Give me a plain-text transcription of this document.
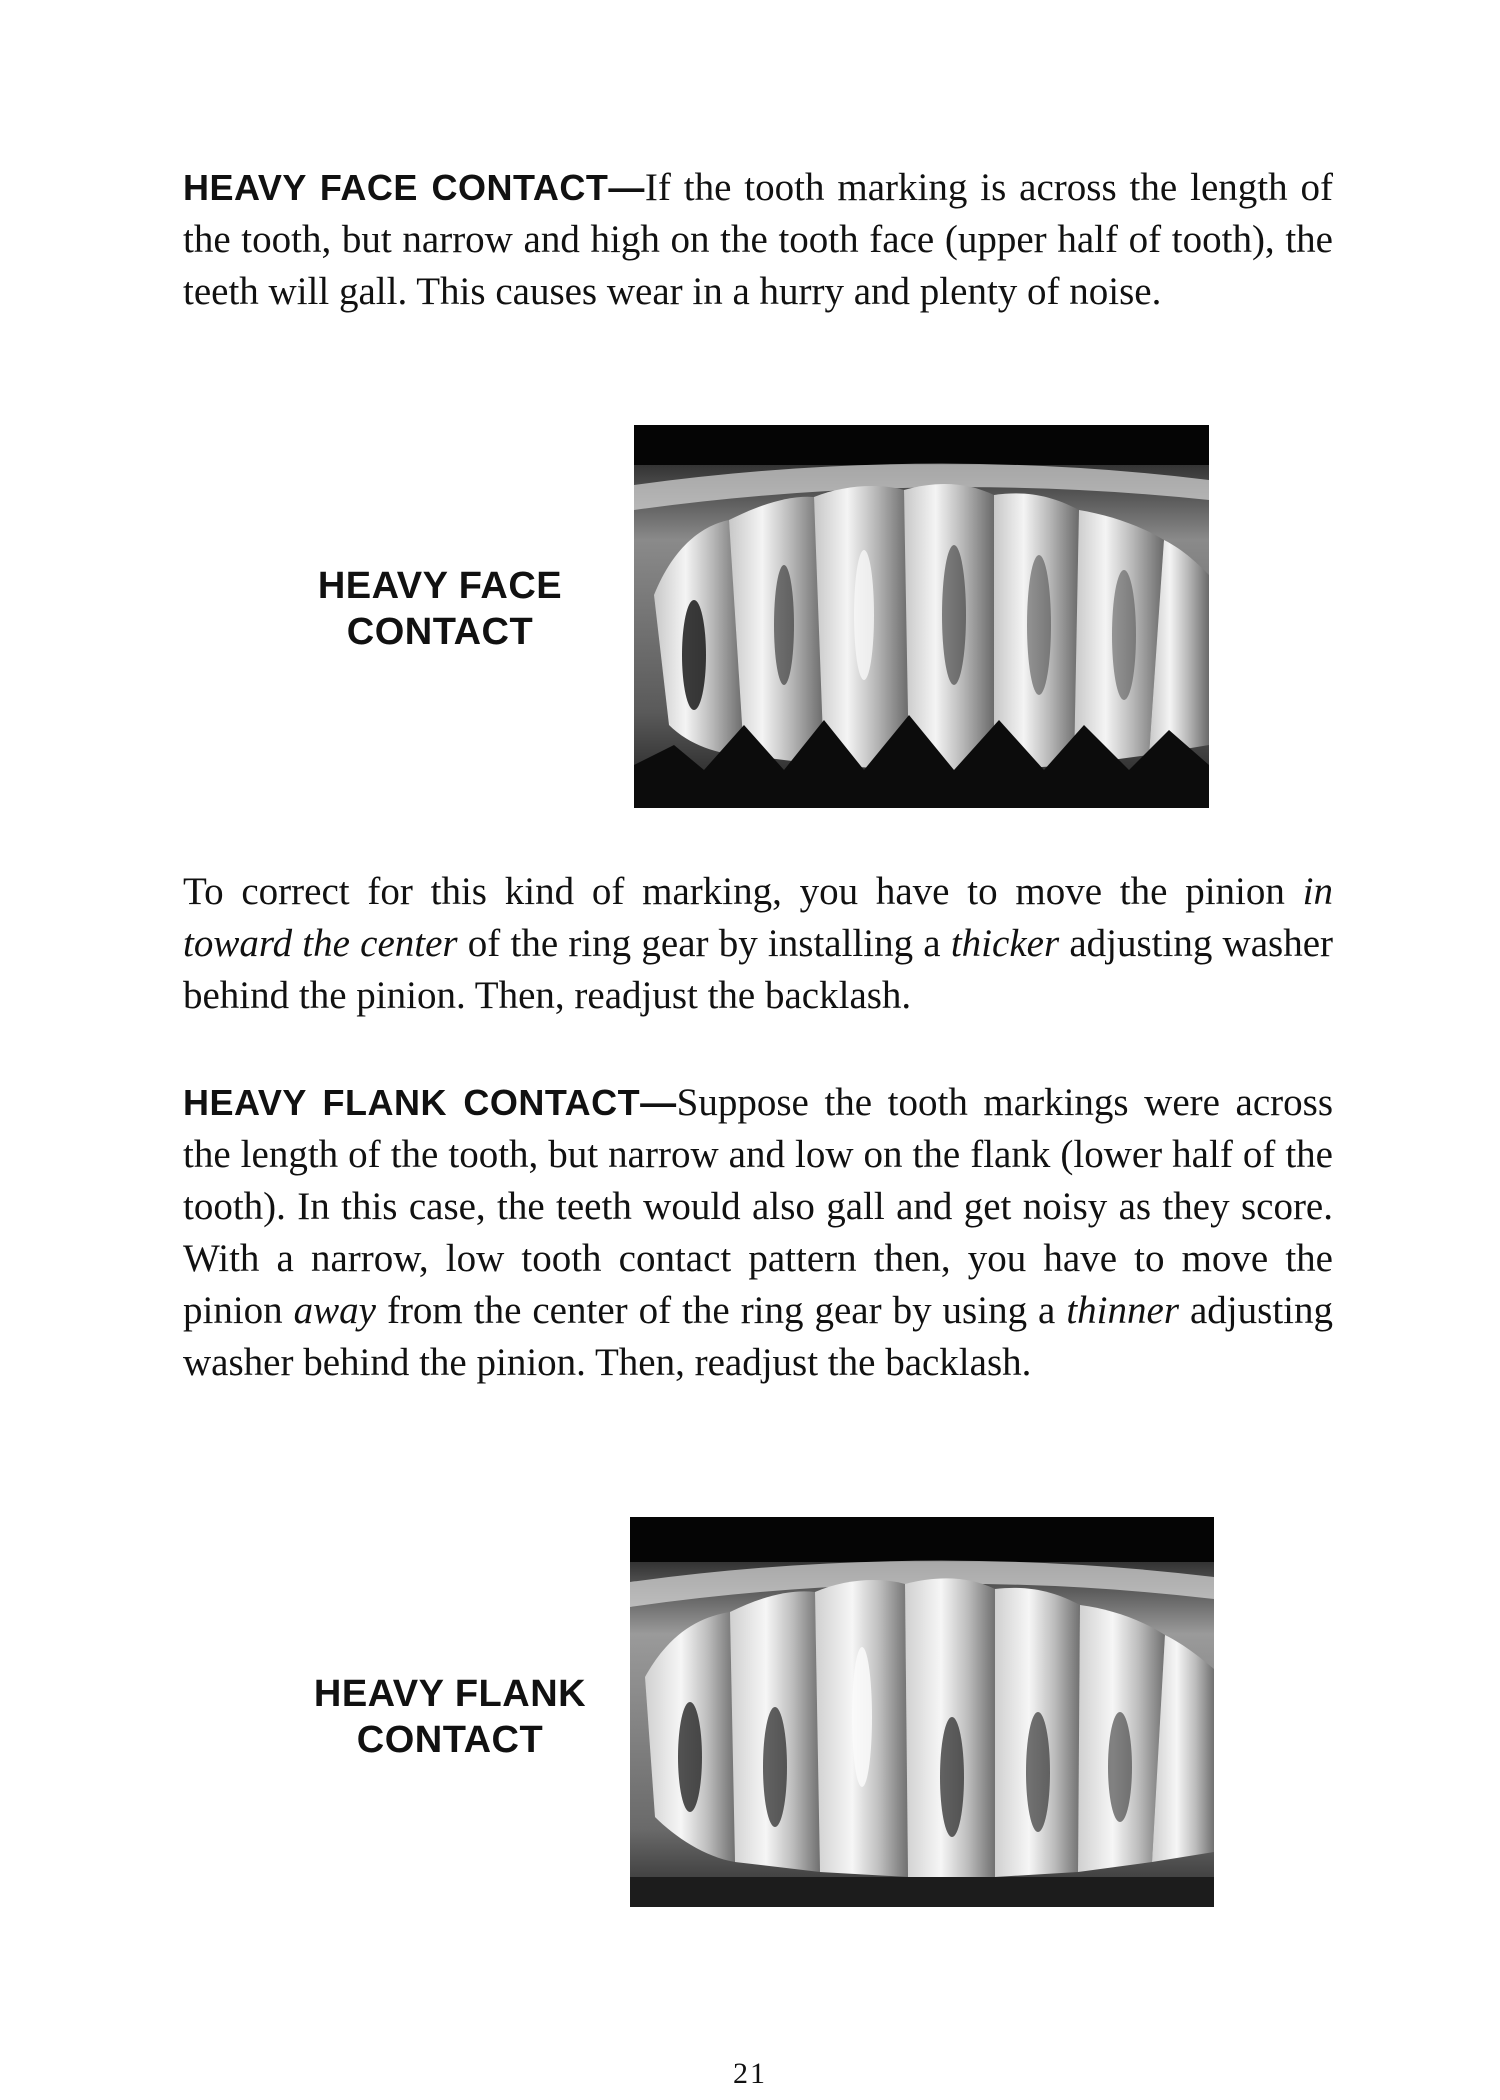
HEAVY FACE CONTACT—If the tooth marking is across the length of the tooth, but narrow and high on the tooth face (upper half of tooth), the teeth will gall. This causes wear in a hurry and plenty of noise.

HEAVY FACE
CONTACT

To correct for this kind of marking, you have to move the pinion in toward the center of the ring gear by installing a thicker adjusting washer behind the pinion. Then, readjust the backlash.

HEAVY FLANK CONTACT—Suppose the tooth markings were across the length of the tooth, but narrow and low on the flank (lower half of the tooth). In this case, the teeth would also gall and get noisy as they score. With a narrow, low tooth contact pattern then, you have to move the pinion away from the center of the ring gear by using a thinner adjusting washer behind the pinion. Then, readjust the backlash.

HEAVY FLANK
CONTACT

21
